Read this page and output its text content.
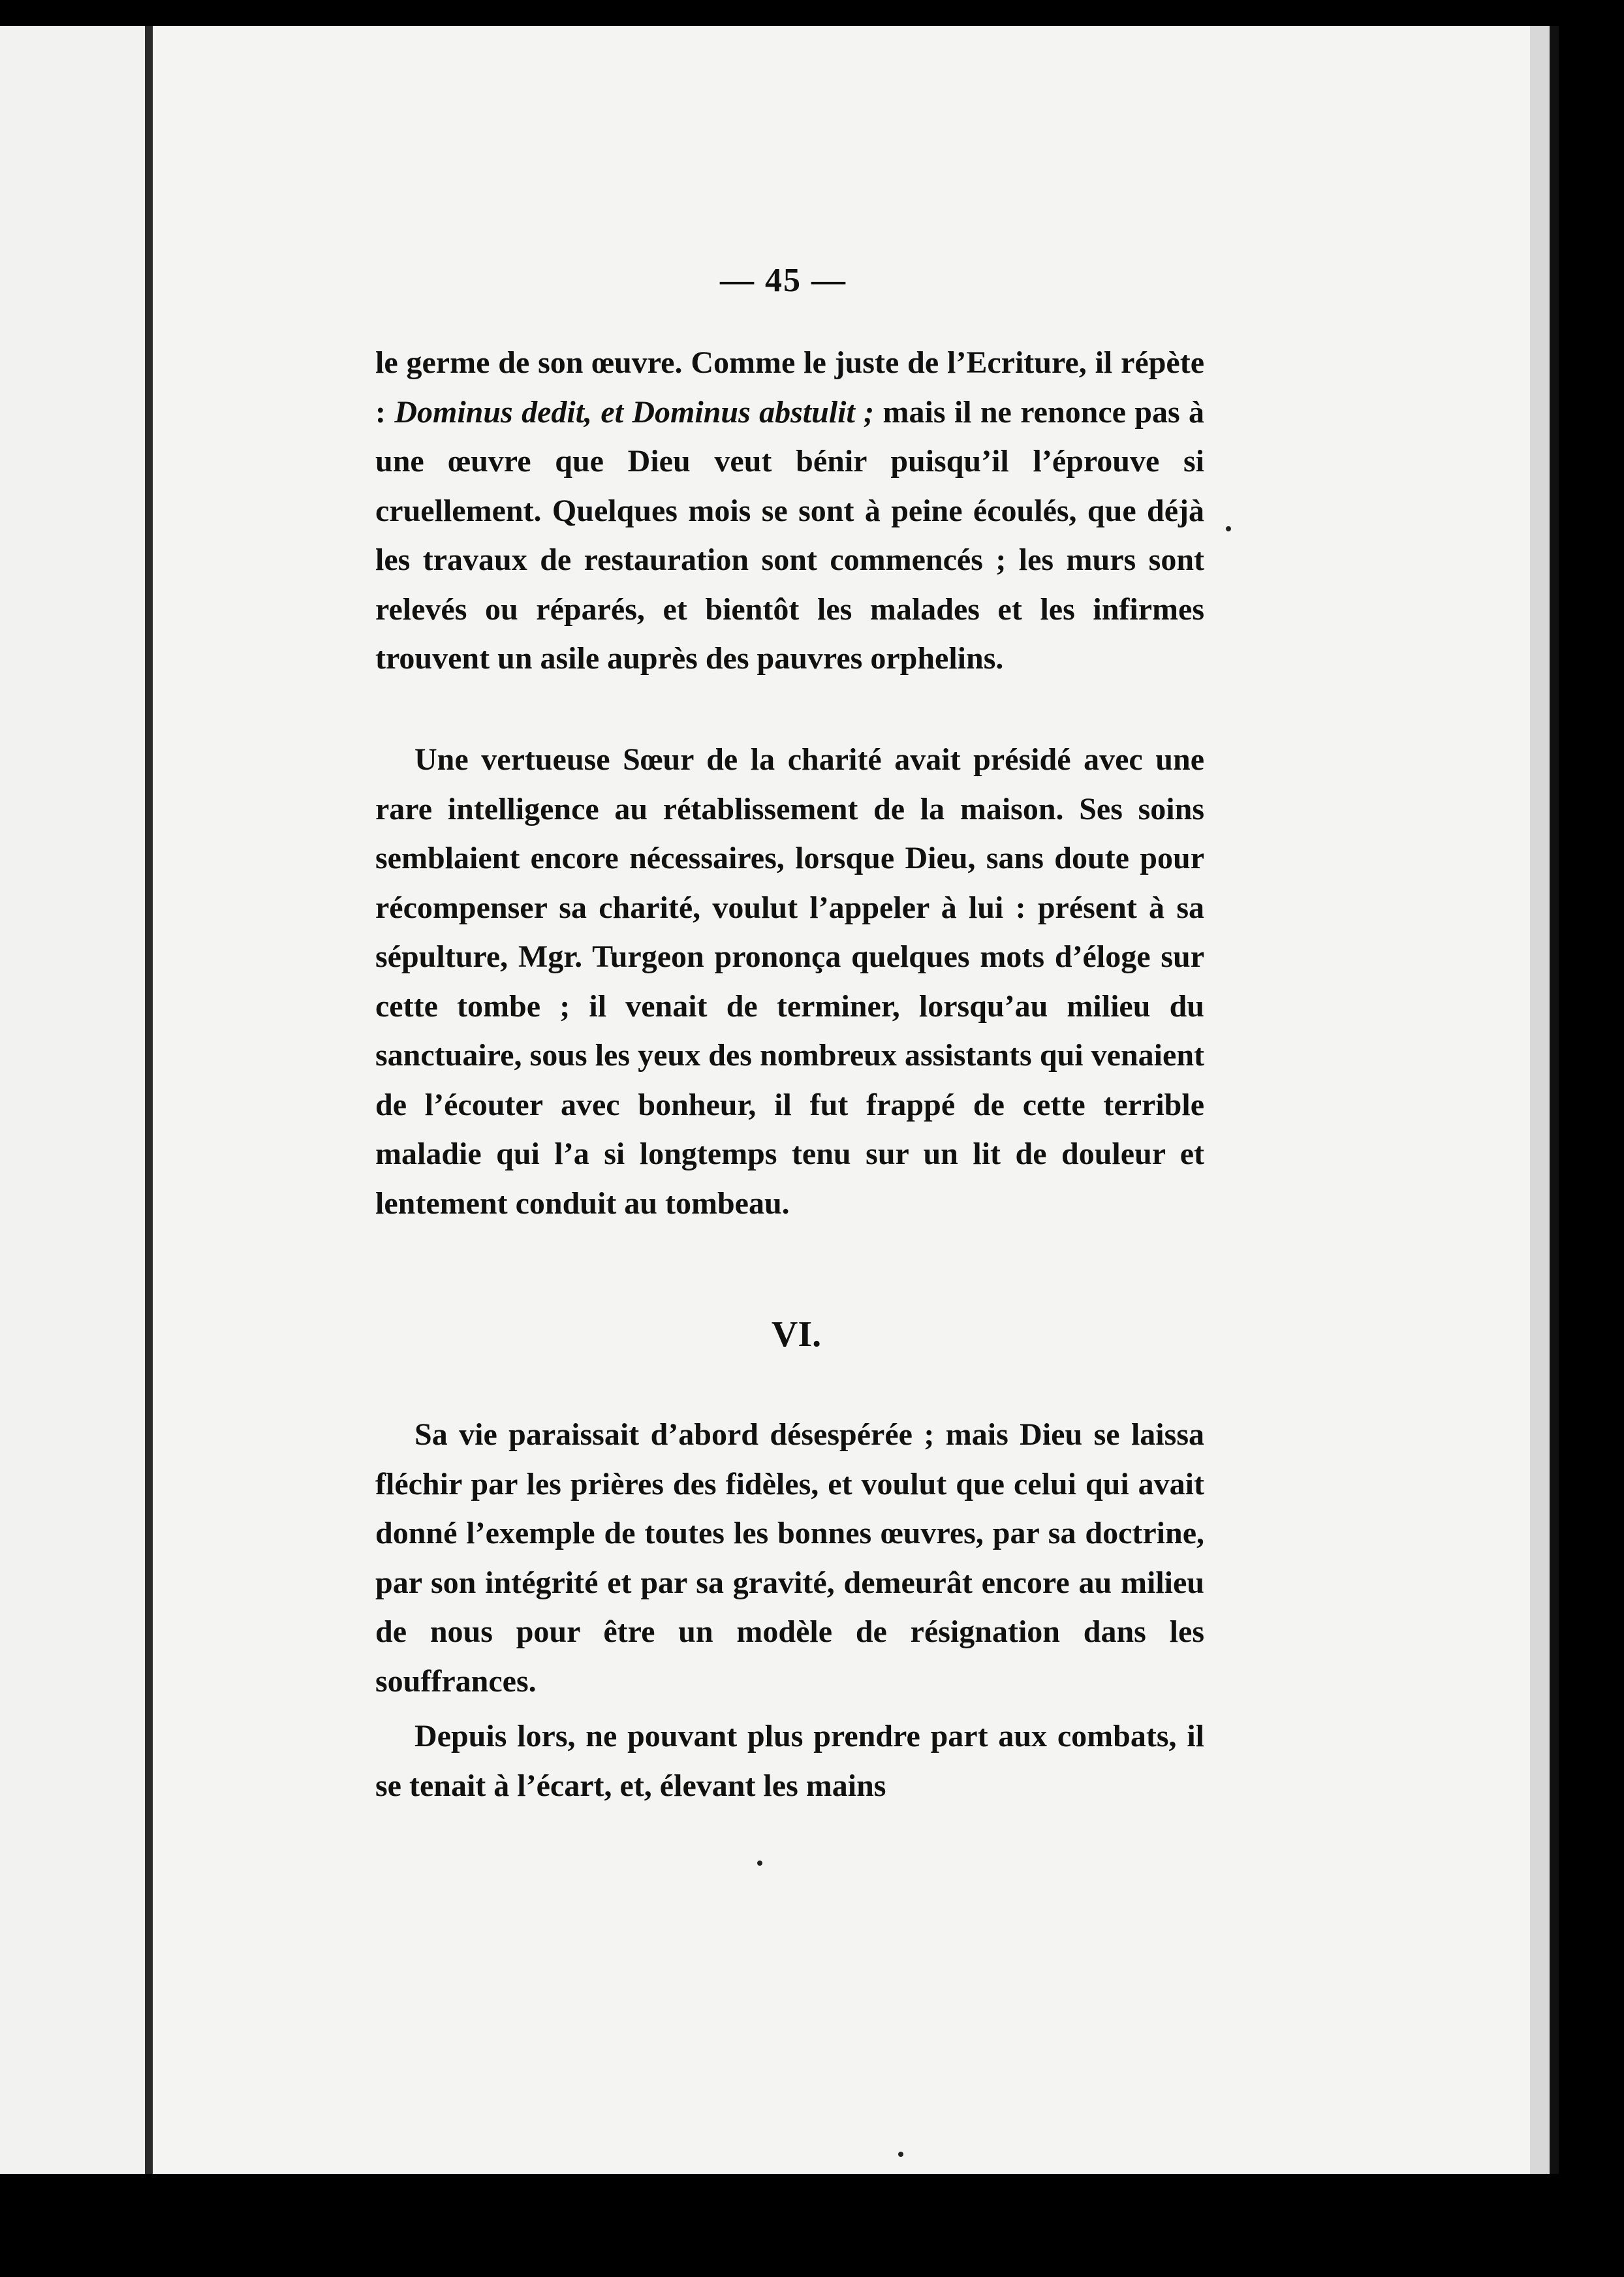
— 45 —

le germe de son œuvre. Comme le juste de l’Ecriture, il répète : Dominus dedit, et Dominus abstulit ; mais il ne renonce pas à une œuvre que Dieu veut bénir puisqu’il l’éprouve si cruellement. Quelques mois se sont à peine écoulés, que déjà les travaux de restauration sont commencés ; les murs sont relevés ou réparés, et bientôt les malades et les infirmes trouvent un asile auprès des pauvres orphelins.

Une vertueuse Sœur de la charité avait présidé avec une rare intelligence au rétablissement de la maison. Ses soins semblaient encore nécessaires, lorsque Dieu, sans doute pour récompenser sa charité, voulut l’appeler à lui : présent à sa sépulture, Mgr. Turgeon prononça quelques mots d’éloge sur cette tombe ; il venait de terminer, lorsqu’au milieu du sanctuaire, sous les yeux des nombreux assistants qui venaient de l’écouter avec bonheur, il fut frappé de cette terrible maladie qui l’a si longtemps tenu sur un lit de douleur et lentement conduit au tombeau.

VI.

Sa vie paraissait d’abord désespérée ; mais Dieu se laissa fléchir par les prières des fidèles, et voulut que celui qui avait donné l’exemple de toutes les bonnes œuvres, par sa doctrine, par son intégrité et par sa gravité, demeurât encore au milieu de nous pour être un modèle de résignation dans les souffrances.

Depuis lors, ne pouvant plus prendre part aux combats, il se tenait à l’écart, et, élevant les mains
